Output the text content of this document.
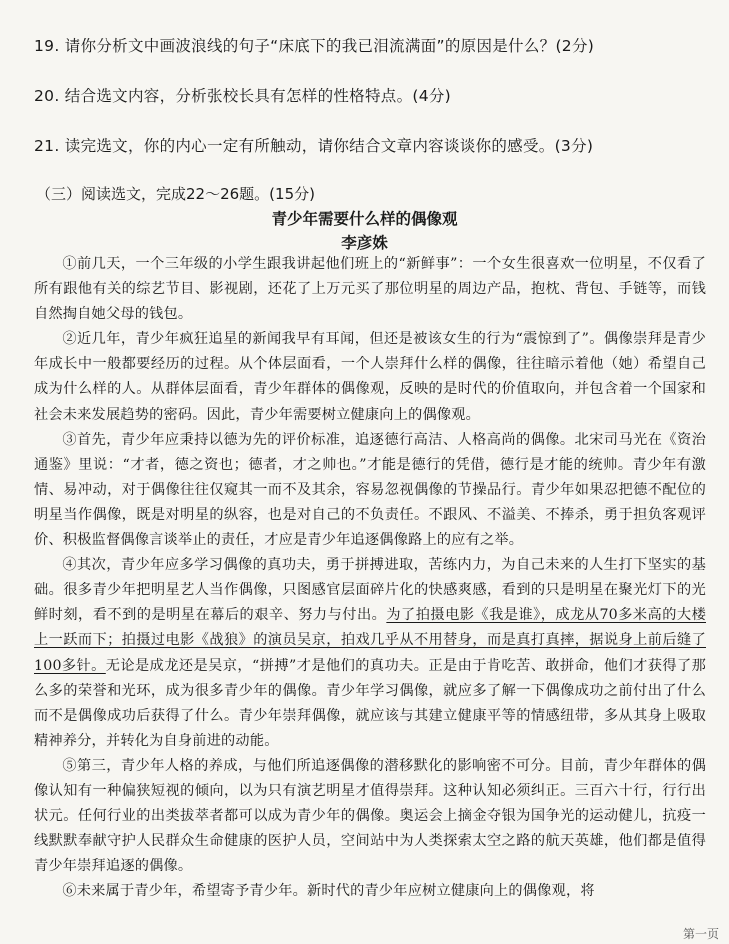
19. 请你分析文中画波浪线的句子“床底下的我已泪流满面”的原因是什么？(2分)
20. 结合选文内容，分析张校长具有怎样的性格特点。(4分)
21. 读完选文，你的内心一定有所触动，请你结合文章内容谈谈你的感受。(3分)
（三）阅读选文，完成22～26题。(15分)
青少年需要什么样的偶像观
李彦姝

①前几天，一个三年级的小学生跟我讲起他们班上的“新鲜事”：一个女生很喜欢一位明星，不仅看了所有跟他有关的综艺节目、影视剧，还花了上万元买了那位明星的周边产品，抱枕、背包、手链等，而钱自然掏自她父母的钱包。

②近几年，青少年疯狂追星的新闻我早有耳闻，但还是被该女生的行为“震惊到了”。偶像崇拜是青少年成长中一般都要经历的过程。从个体层面看，一个人崇拜什么样的偶像，往往暗示着他（她）希望自己成为什么样的人。从群体层面看，青少年群体的偶像观，反映的是时代的价值取向，并包含着一个国家和社会未来发展趋势的密码。因此，青少年需要树立健康向上的偶像观。

③首先，青少年应秉持以德为先的评价标准，追逐德行高洁、人格高尚的偶像。北宋司马光在《资治通鉴》里说：“才者，德之资也；德者，才之帅也。”才能是德行的凭借，德行是才能的统帅。青少年有激情、易冲动，对于偶像往往仅窥其一而不及其余，容易忽视偶像的节操品行。青少年如果忍把德不配位的明星当作偶像，既是对明星的纵容，也是对自己的不负责任。不跟风、不溢美、不捧杀，勇于担负客观评价、积极监督偶像言谈举止的责任，才应是青少年追逐偶像路上的应有之举。

④其次，青少年应多学习偶像的真功夫，勇于拼搏进取，苦练内力，为自己未来的人生打下坚实的基础。很多青少年把明星艺人当作偶像，只图感官层面碎片化的快感爽感，看到的只是明星在聚光灯下的光鲜时刻，看不到的是明星在幕后的艰辛、努力与付出。为了拍摄电影《我是谁》，成龙从70多米高的大楼上一跃而下；拍摄过电影《战狼》的演员吴京，拍戏几乎从不用替身，而是真打真摔，据说身上前后缝了100多针。无论是成龙还是吴京，“拼搏”才是他们的真功夫。正是由于肯吃苦、敢拼命，他们才获得了那么多的荣誉和光环，成为很多青少年的偶像。青少年学习偶像，就应多了解一下偶像成功之前付出了什么而不是偶像成功后获得了什么。青少年崇拜偶像，就应该与其建立健康平等的情感纽带，多从其身上吸取精神养分，并转化为自身前进的动能。

⑤第三，青少年人格的养成，与他们所追逐偶像的潜移默化的影响密不可分。目前，青少年群体的偶像认知有一种偏狭短视的倾向，以为只有演艺明星才值得崇拜。这种认知必须纠正。三百六十行，行行出状元。任何行业的出类拔萃者都可以成为青少年的偶像。奥运会上摘金夺银为国争光的运动健儿，抗疫一线默默奉献守护人民群众生命健康的医护人员，空间站中为人类探索太空之路的航天英雄，他们都是值得青少年崇拜追逐的偶像。

⑥未来属于青少年，希望寄予青少年。新时代的青少年应树立健康向上的偶像观，将

第一页
